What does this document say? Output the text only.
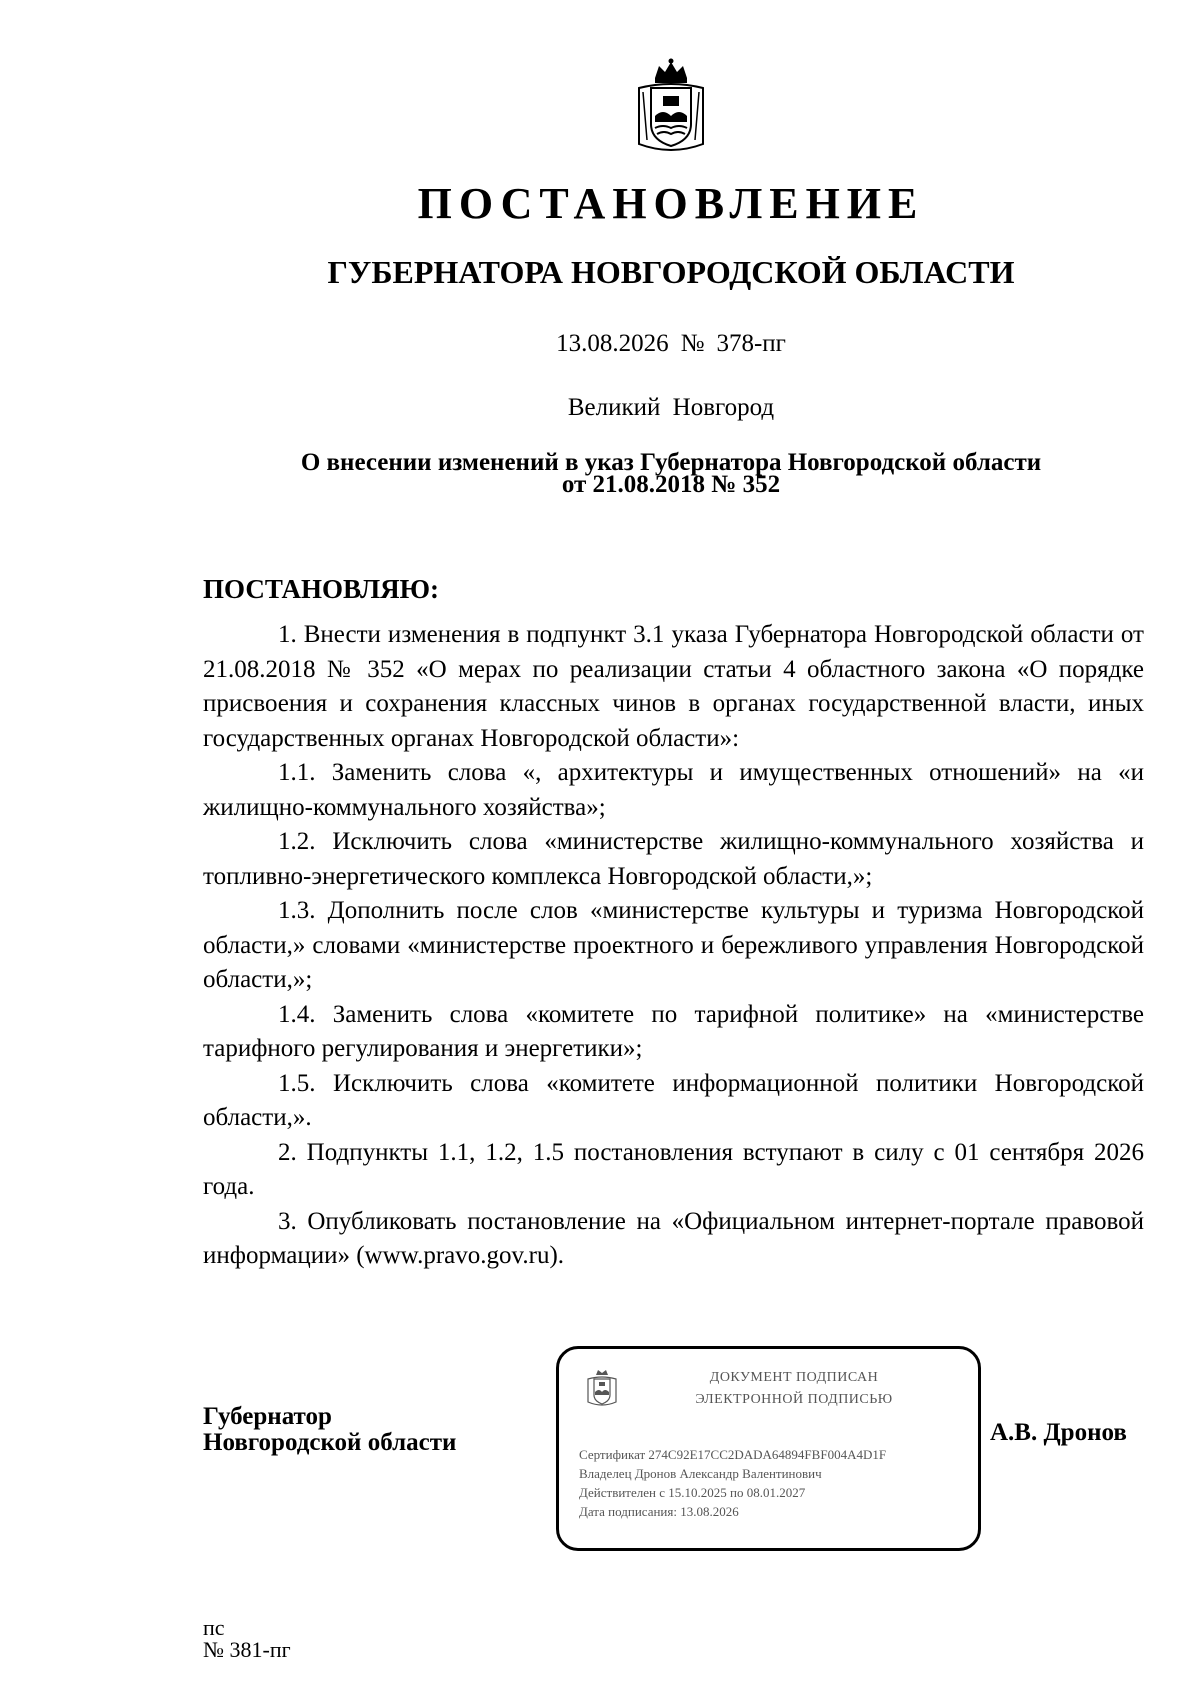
ПОСТАНОВЛЕНИЕ
ГУБЕРНАТОРА НОВГОРОДСКОЙ ОБЛАСТИ
13.08.2026 № 378-пг
Великий Новгород
О внесении изменений в указ Губернатора Новгородской области
от 21.08.2018 № 352
ПОСТАНОВЛЯЮ:

1. Внести изменения в подпункт 3.1 указа Губернатора Новгородской области от 21.08.2018 № 352 «О мерах по реализации статьи 4 областного закона «О порядке присвоения и сохранения классных чинов в органах государственной власти, иных государственных органах Новгородской области»:

1.1. Заменить слова «, архитектуры и имущественных отношений» на «и жилищно-коммунального хозяйства»;

1.2. Исключить слова «министерстве жилищно-коммунального хозяйства и топливно-энергетического комплекса Новгородской области,»;

1.3. Дополнить после слов «министерстве культуры и туризма Новгородской области,» словами «министерстве проектного и бережливого управления Новгородской области,»;

1.4. Заменить слова «комитете по тарифной политике» на «министерстве тарифного регулирования и энергетики»;

1.5. Исключить слова «комитете информационной политики Новгородской области,».

2. Подпункты 1.1, 1.2, 1.5 постановления вступают в силу с 01 сентября 2026 года.

3. Опубликовать постановление на «Официальном интернет-портале правовой информации» (www.pravo.gov.ru).

Губернатор
Новгородской области
ДОКУМЕНТ ПОДПИСАН
ЭЛЕКТРОННОЙ ПОДПИСЬЮ
Сертификат 274C92E17CC2DADA64894FBF004A4D1F
Владелец Дронов Александр Валентинович
Действителен с 15.10.2025 по 08.01.2027
Дата подписания: 13.08.2026
А.В. Дронов
пс
№ 381-пг
